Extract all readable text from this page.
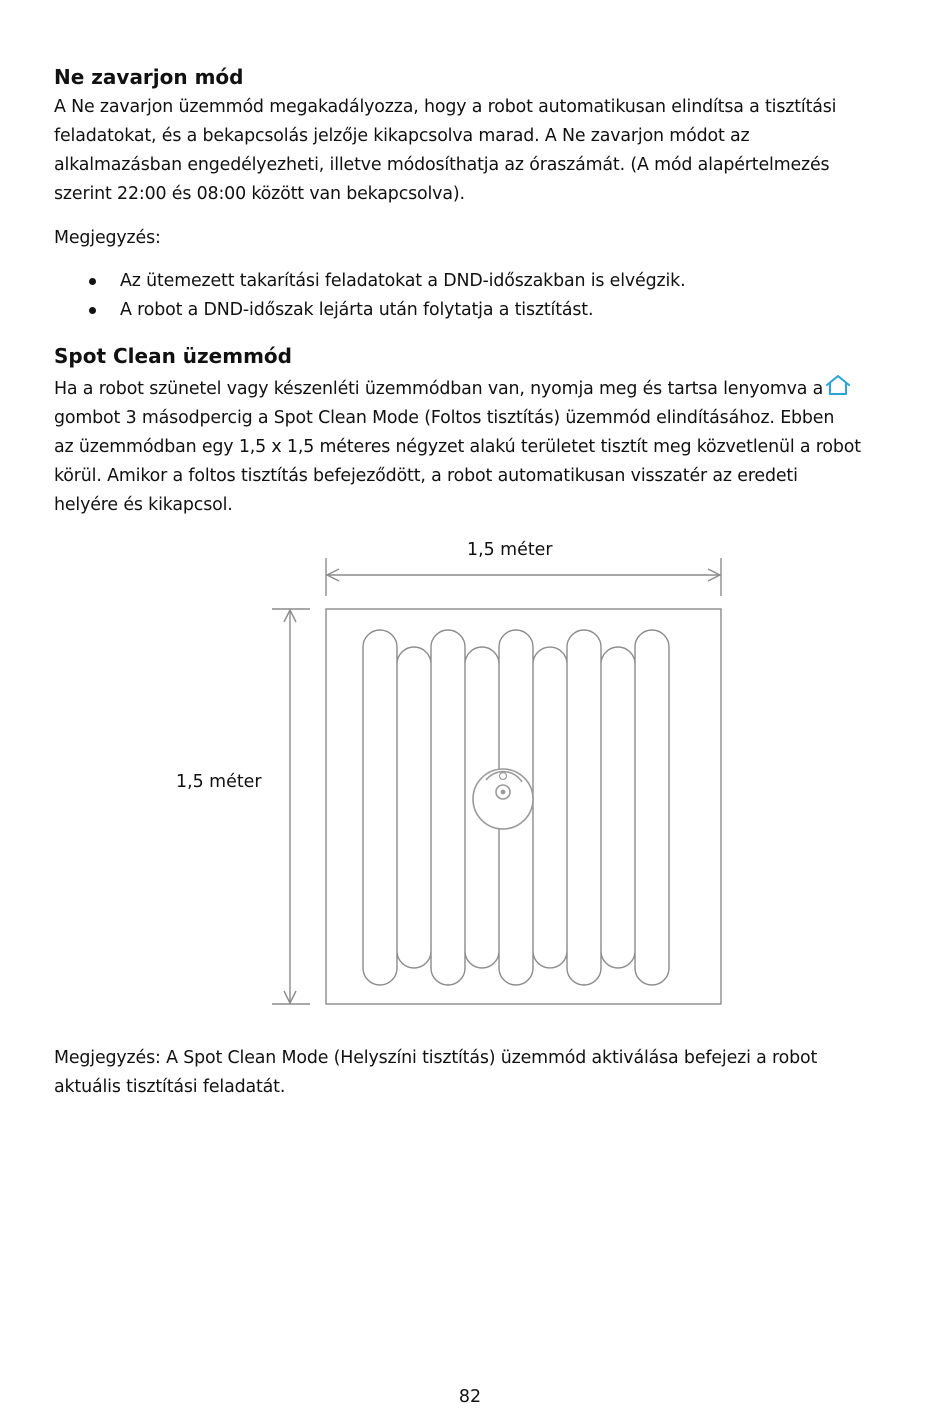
Ne zavarjon mód

A Ne zavarjon üzemmód megakadályozza, hogy a robot automatikusan elindítsa a tisztítási
feladatokat, és a bekapcsolás jelzője kikapcsolva marad. A Ne zavarjon módot az
alkalmazásban engedélyezheti, illetve módosíthatja az óraszámát. (A mód alapértelmezés
szerint 22:00 és 08:00 között van bekapcsolva).

Megjegyzés:

Az ütemezett takarítási feladatokat a DND-időszakban is elvégzik.
A robot a DND-időszak lejárta után folytatja a tisztítást.
Spot Clean üzemmód

Ha a robot szünetel vagy készenléti üzemmódban van, nyomja meg és tartsa lenyomva a
gombot 3 másodpercig a Spot Clean Mode (Foltos tisztítás) üzemmód elindításához. Ebben
az üzemmódban egy 1,5 x 1,5 méteres négyzet alakú területet tisztít meg közvetlenül a robot
körül. Amikor a foltos tisztítás befejeződött, a robot automatikusan visszatér az eredeti
helyére és kikapcsol.

1,5 méter
1,5 méter

Megjegyzés: A Spot Clean Mode (Helyszíni tisztítás) üzemmód aktiválása befejezi a robot
aktuális tisztítási feladatát.

82
